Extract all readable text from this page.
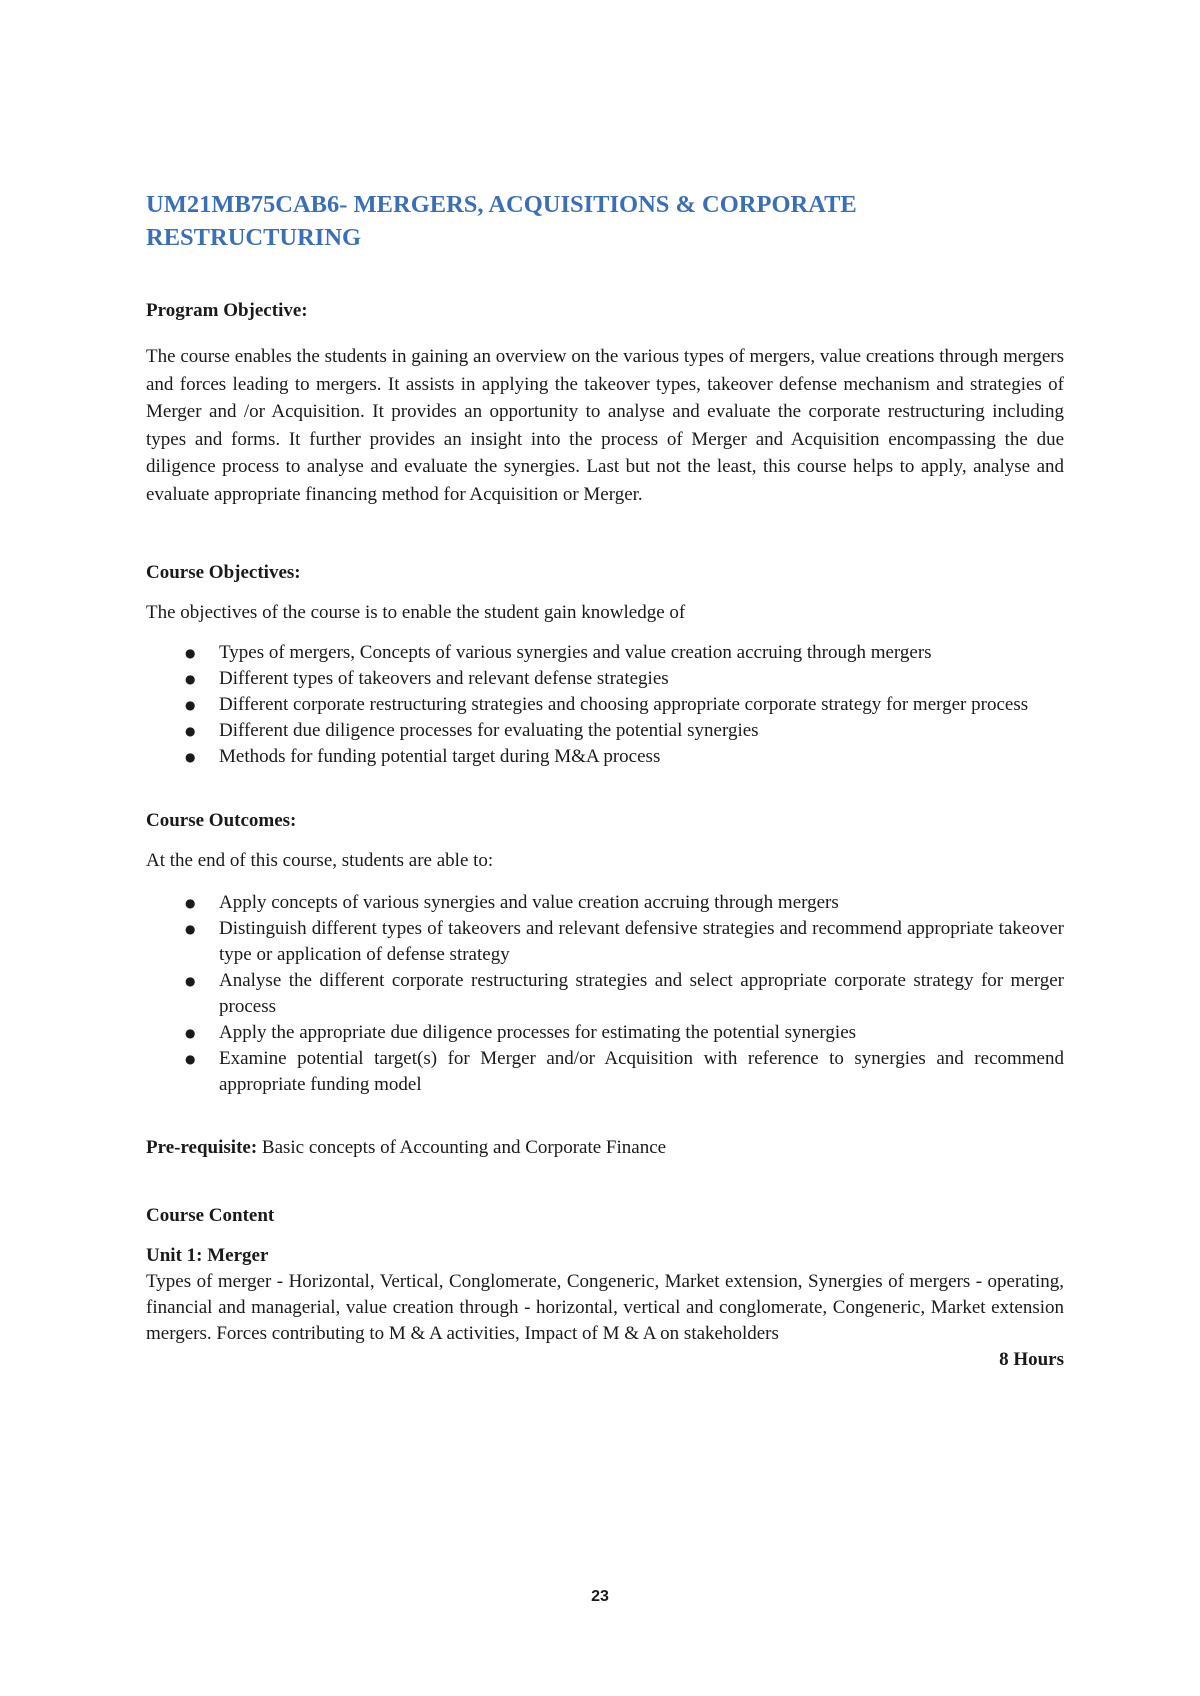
UM21MB75CAB6- MERGERS, ACQUISITIONS & CORPORATE RESTRUCTURING

Program Objective:

The course enables the students in gaining an overview on the various types of mergers, value creations through mergers and forces leading to mergers. It assists in applying the takeover types, takeover defense mechanism and strategies of Merger and /or Acquisition. It provides an opportunity to analyse and evaluate the corporate restructuring including types and forms. It further provides an insight into the process of Merger and Acquisition encompassing the due diligence process to analyse and evaluate the synergies. Last but not the least, this course helps to apply, analyse and evaluate appropriate financing method for Acquisition or Merger.

Course Objectives:

The objectives of the course is to enable the student gain knowledge of

● Types of mergers, Concepts of various synergies and value creation accruing through mergers
● Different types of takeovers and relevant defense strategies
● Different corporate restructuring strategies and choosing appropriate corporate strategy for merger process
● Different due diligence processes for evaluating the potential synergies
● Methods for funding potential target during M&A process

Course Outcomes:

At the end of this course, students are able to:

● Apply concepts of various synergies and value creation accruing through mergers
● Distinguish different types of takeovers and relevant defensive strategies and recommend appropriate takeover type or application of defense strategy
● Analyse the different corporate restructuring strategies and select appropriate corporate strategy for merger process
● Apply the appropriate due diligence processes for estimating the potential synergies
● Examine potential target(s) for Merger and/or Acquisition with reference to synergies and recommend appropriate funding model

Pre-requisite: Basic concepts of Accounting and Corporate Finance

Course Content

Unit 1: Merger

Types of merger - Horizontal, Vertical, Conglomerate, Congeneric, Market extension, Synergies of mergers - operating, financial and managerial, value creation through - horizontal, vertical and conglomerate, Congeneric, Market extension mergers. Forces contributing to M & A activities, Impact of M & A on stakeholders

8 Hours

23
